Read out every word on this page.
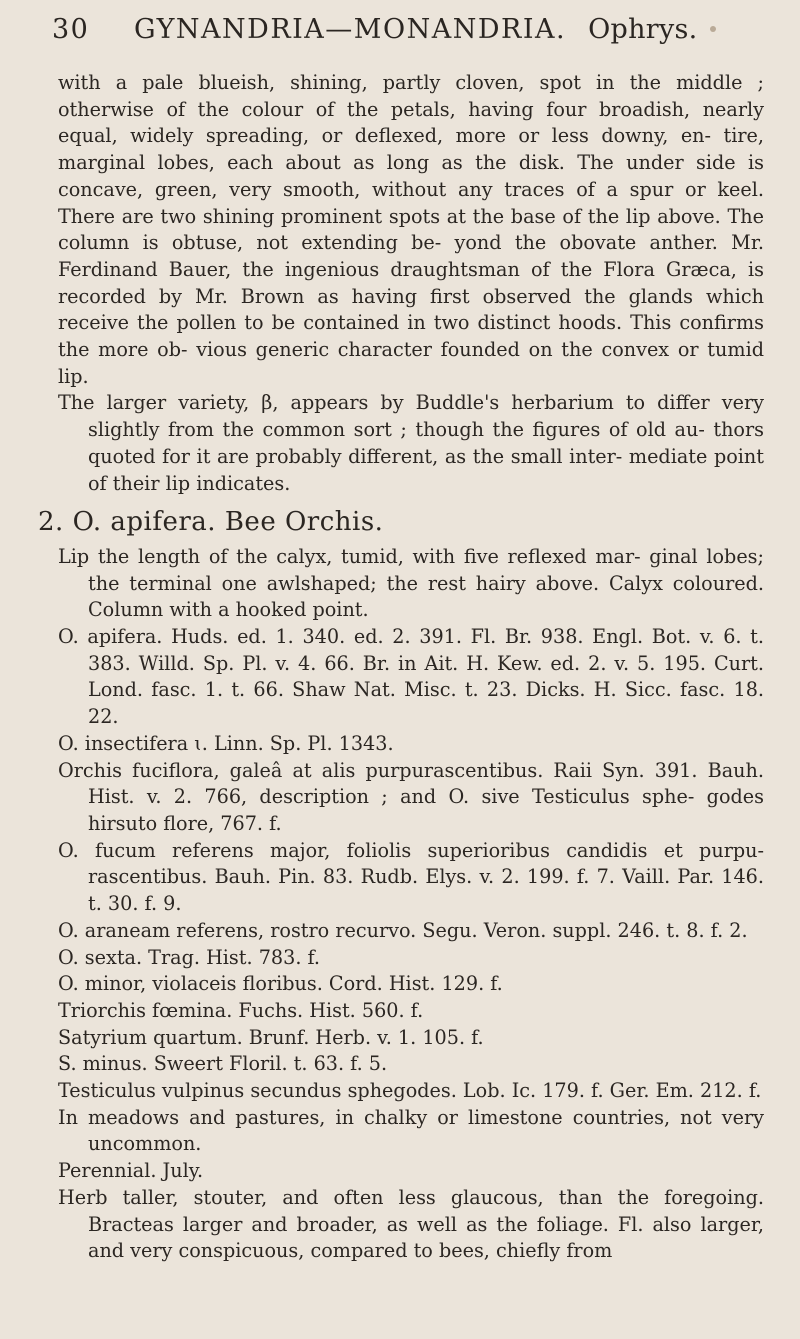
30	GYNANDRIA—MONANDRIA. Ophrys.

with a pale blueish, shining, partly cloven, spot in the middle ; otherwise of the colour of the petals, having four broadish, nearly equal, widely spreading, or deflexed, more or less downy, en- tire, marginal lobes, each about as long as the disk. The under side is concave, green, very smooth, without any traces of a spur or keel. There are two shining prominent spots at the base of the lip above. The column is obtuse, not extending be- yond the obovate anther. Mr. Ferdinand Bauer, the ingenious draughtsman of the Flora Græca, is recorded by Mr. Brown as having first observed the glands which receive the pollen to be contained in two distinct hoods. This confirms the more ob- vious generic character founded on the convex or tumid lip.

The larger variety, β, appears by Buddle's herbarium to differ very slightly from the common sort ; though the figures of old au- thors quoted for it are probably different, as the small inter- mediate point of their lip indicates.

2. O. apifera. Bee Orchis.

Lip the length of the calyx, tumid, with five reflexed mar- ginal lobes; the terminal one awlshaped; the rest hairy above. Calyx coloured. Column with a hooked point.

O. apifera. Huds. ed. 1. 340. ed. 2. 391. Fl. Br. 938. Engl. Bot. v. 6. t. 383. Willd. Sp. Pl. v. 4. 66. Br. in Ait. H. Kew. ed. 2. v. 5. 195. Curt. Lond. fasc. 1. t. 66. Shaw Nat. Misc. t. 23. Dicks. H. Sicc. fasc. 18. 22.

O. insectifera ɩ. Linn. Sp. Pl. 1343.

Orchis fuciflora, galeâ at alis purpurascentibus. Raii Syn. 391. Bauh. Hist. v. 2. 766, description ; and O. sive Testiculus sphe- godes hirsuto flore, 767. f.

O. fucum referens major, foliolis superioribus candidis et purpu- rascentibus. Bauh. Pin. 83. Rudb. Elys. v. 2. 199. f. 7. Vaill. Par. 146. t. 30. f. 9.

O. araneam referens, rostro recurvo. Segu. Veron. suppl. 246. t. 8. f. 2.

O. sexta. Trag. Hist. 783. f.

O. minor, violaceis floribus. Cord. Hist. 129. f.

Triorchis fœmina. Fuchs. Hist. 560. f.

Satyrium quartum. Brunf. Herb. v. 1. 105. f.

S. minus. Sweert Floril. t. 63. f. 5.

Testiculus vulpinus secundus sphegodes. Lob. Ic. 179. f. Ger. Em. 212. f.

In meadows and pastures, in chalky or limestone countries, not very uncommon.

Perennial. July.

Herb taller, stouter, and often less glaucous, than the foregoing. Bracteas larger and broader, as well as the foliage. Fl. also larger, and very conspicuous, compared to bees, chiefly from
